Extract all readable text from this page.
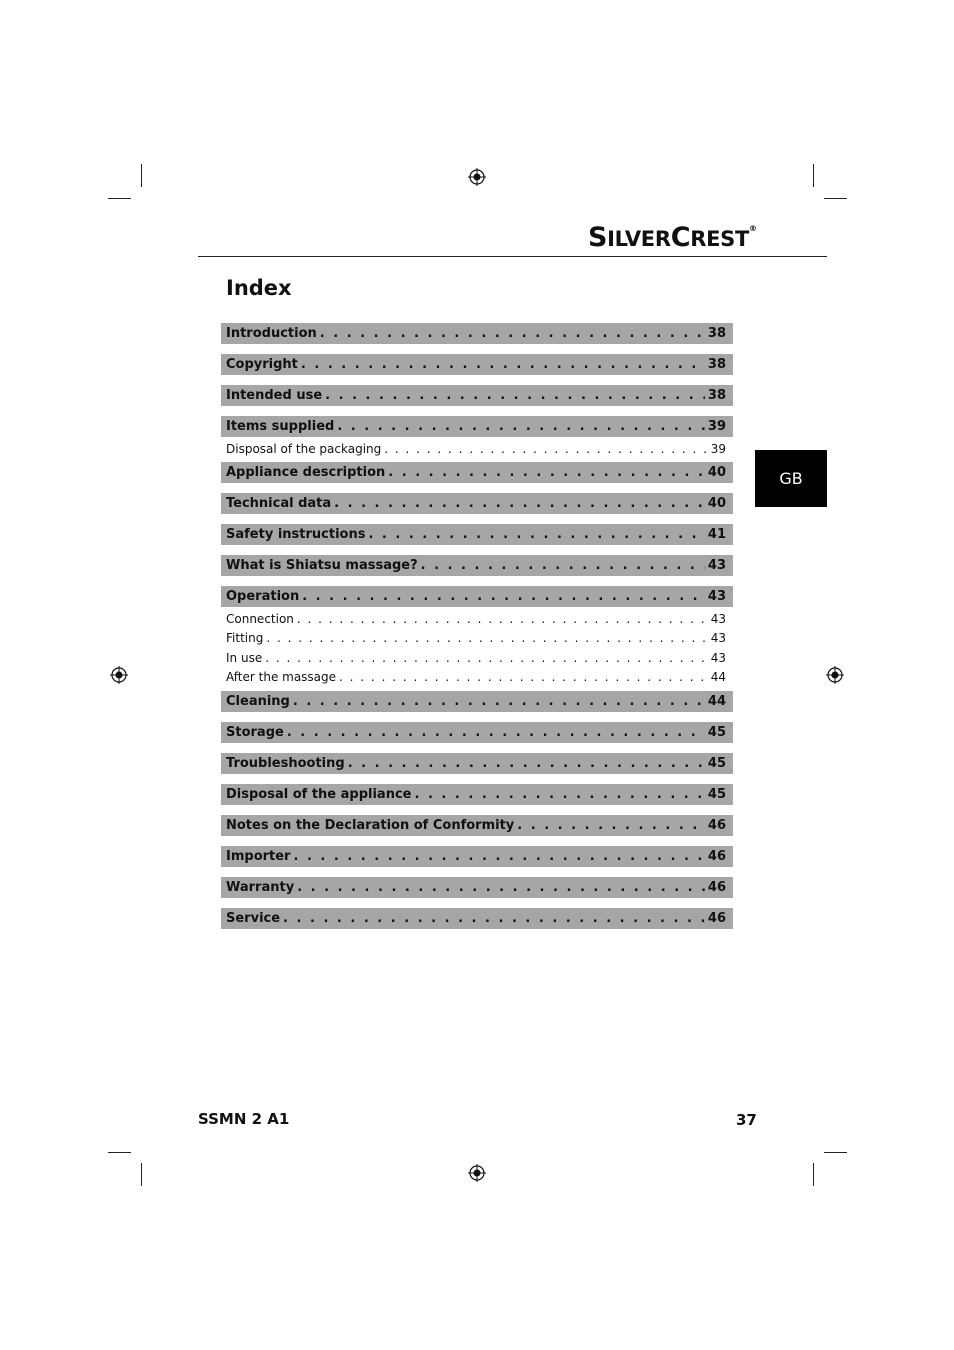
SILVERCREST®
Index
Introduction . . .	38
Copyright . . .	38
Intended use . . .	38
Items supplied . . .	39
Disposal of the packaging . . .	39
Appliance description . . .	40
Technical data . . .	40
Safety instructions . . .	41
What is Shiatsu massage? . . .	43
Operation . . .	43
Connection . . .	43
Fitting . . .	43
In use . . .	43
After the massage . . .	44
Cleaning . . .	44
Storage . . .	45
Troubleshooting . . .	45
Disposal of the appliance . . .	45
Notes on the Declaration of Conformity . . .	46
Importer . . .	46
Warranty . . .	46
Service . . .	46
GB
SSMN 2 A1	37
